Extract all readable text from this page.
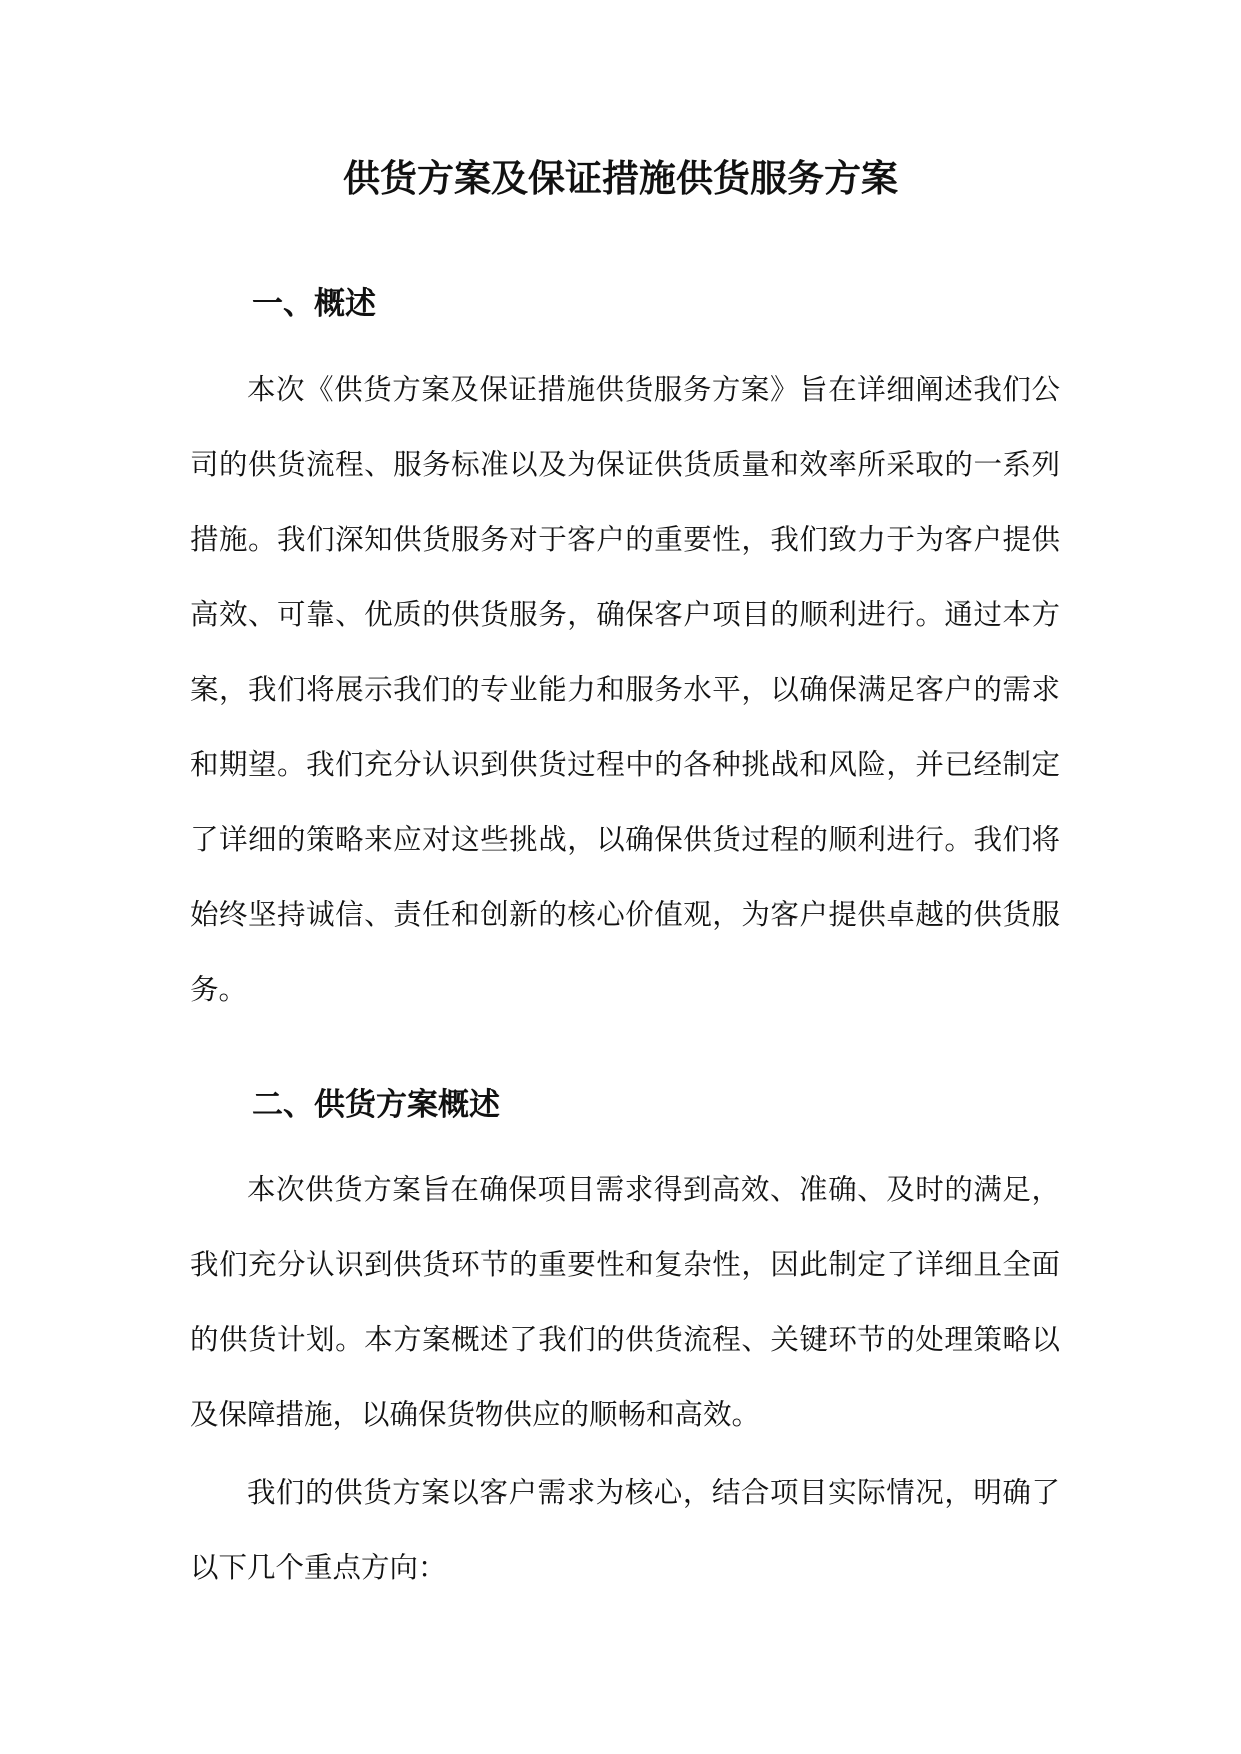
供货方案及保证措施供货服务方案
一、概述
本次《供货方案及保证措施供货服务方案》旨在详细阐述我们公
司的供货流程、服务标准以及为保证供货质量和效率所采取的一系列
措施。我们深知供货服务对于客户的重要性，我们致力于为客户提供
高效、可靠、优质的供货服务，确保客户项目的顺利进行。通过本方
案，我们将展示我们的专业能力和服务水平，以确保满足客户的需求
和期望。我们充分认识到供货过程中的各种挑战和风险，并已经制定
了详细的策略来应对这些挑战，以确保供货过程的顺利进行。我们将
始终坚持诚信、责任和创新的核心价值观，为客户提供卓越的供货服
务。
二、供货方案概述
本次供货方案旨在确保项目需求得到高效、准确、及时的满足，
我们充分认识到供货环节的重要性和复杂性，因此制定了详细且全面
的供货计划。本方案概述了我们的供货流程、关键环节的处理策略以
及保障措施，以确保货物供应的顺畅和高效。
我们的供货方案以客户需求为核心，结合项目实际情况，明确了
以下几个重点方向：
